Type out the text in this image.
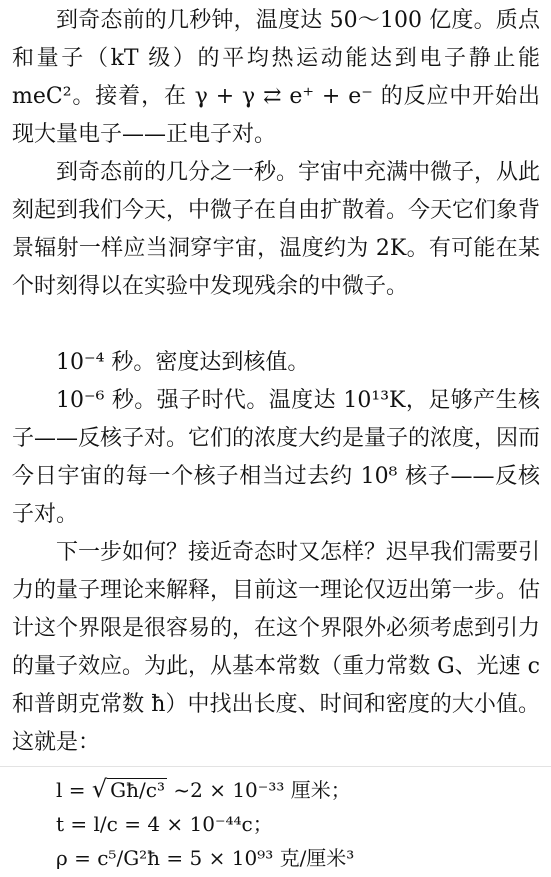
到奇态前的几秒钟，温度达 50～100 亿度。质点和量子（kT 级）的平均热运动能达到电子静止能 meC²。接着，在 γ + γ ⇄ e⁺ + e⁻ 的反应中开始出现大量电子——正电子对。

到奇态前的几分之一秒。宇宙中充满中微子，从此刻起到我们今天，中微子在自由扩散着。今天它们象背景辐射一样应当洞穿宇宙，温度约为 2K。有可能在某个时刻得以在实验中发现残余的中微子。

10⁻⁴ 秒。密度达到核值。

10⁻⁶ 秒。强子时代。温度达 10¹³K，足够产生核子——反核子对。它们的浓度大约是量子的浓度，因而今日宇宙的每一个核子相当过去约 10⁸ 核子——反核子对。

下一步如何？接近奇态时又怎样？迟早我们需要引力的量子理论来解释，目前这一理论仅迈出第一步。估计这个界限是很容易的，在这个界限外必须考虑到引力的量子效应。为此，从基本常数（重力常数 G、光速 c 和普朗克常数 ħ）中找出长度、时间和密度的大小值。这就是：

l = √ Għ/c³ ~2 × 10⁻³³ 厘米；
t = l/c = 4 × 10⁻⁴⁴c；
ρ = c⁵/G²ħ = 5 × 10⁹³ 克/厘米³
